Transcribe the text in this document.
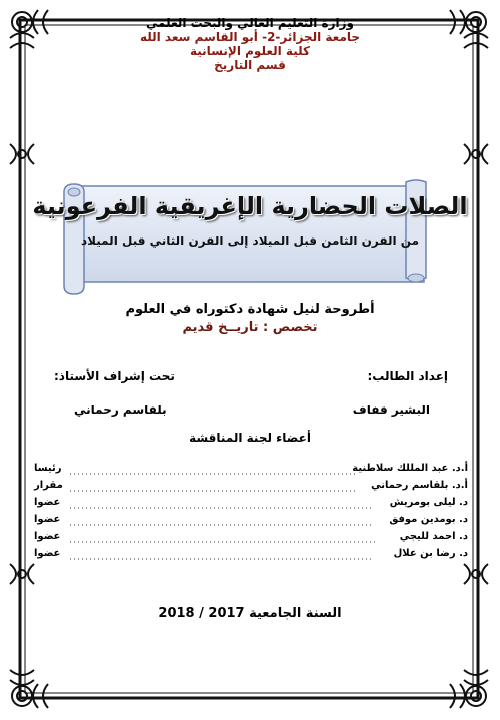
وزارة التعليم العالي والبحث العلمي
جامعة الجزائر-2- أبو القاسم سعد الله
كلية العلوم الإنسانية
قسم التاريخ
الصلات الحضارية الإغريقية الفرعونية
من القرن الثامن قبل الميلاد إلى القرن الثاني قبل الميلاد
أطروحة لنيل شهادة دكتوراه في العلوم
تخصص : تاريــخ قديم
إعداد الطالب:
تحت إشراف الأستاذ:
البشير قفاف
بلقاسم رحماني
أعضاء لجنة المناقشة
أ.د. عبد المللك سلاطنية
رئيسا
أ.د. بلقاسم رحماني
مقرار
د. ليلى بومريش
عضوا
د. بومدين موفق
عضوا
د. احمد لليجي
عضوا
د. رضا بن علال
عضوا
السنة الجامعية 2017 / 2018
